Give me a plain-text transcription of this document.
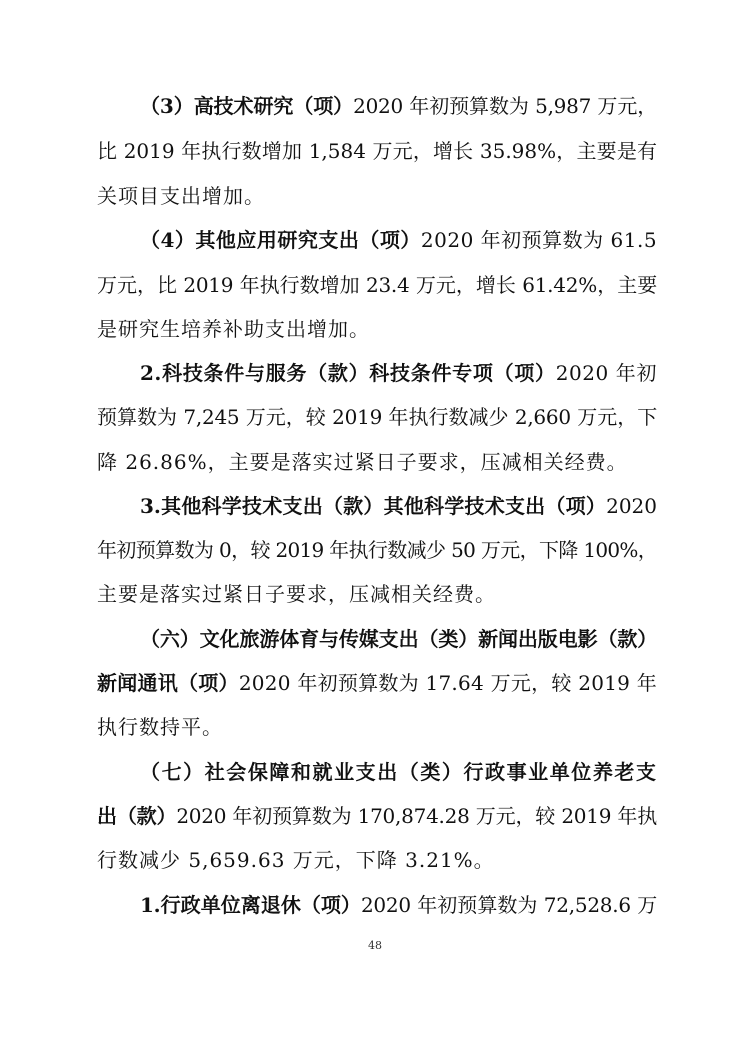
（3）高技术研究（项）2020 年初预算数为 5,987 万元，
比 2019 年执行数增加 1,584 万元，增长 35.98%，主要是有
关项目支出增加。
（4）其他应用研究支出（项）2020 年初预算数为 61.5
万元，比 2019 年执行数增加 23.4 万元，增长 61.42%，主要
是研究生培养补助支出增加。
2.科技条件与服务（款）科技条件专项（项）2020 年初
预算数为 7,245 万元，较 2019 年执行数减少 2,660 万元，下
降 26.86%，主要是落实过紧日子要求，压减相关经费。
3.其他科学技术支出（款）其他科学技术支出（项）2020
年初预算数为 0，较 2019 年执行数减少 50 万元，下降 100%，
主要是落实过紧日子要求，压减相关经费。
（六）文化旅游体育与传媒支出（类）新闻出版电影（款）
新闻通讯（项）2020 年初预算数为 17.64 万元，较 2019 年
执行数持平。
（七）社会保障和就业支出（类）行政事业单位养老支
出（款）2020 年初预算数为 170,874.28 万元，较 2019 年执
行数减少 5,659.63 万元，下降 3.21%。
1.行政单位离退休（项）2020 年初预算数为 72,528.6 万
48
